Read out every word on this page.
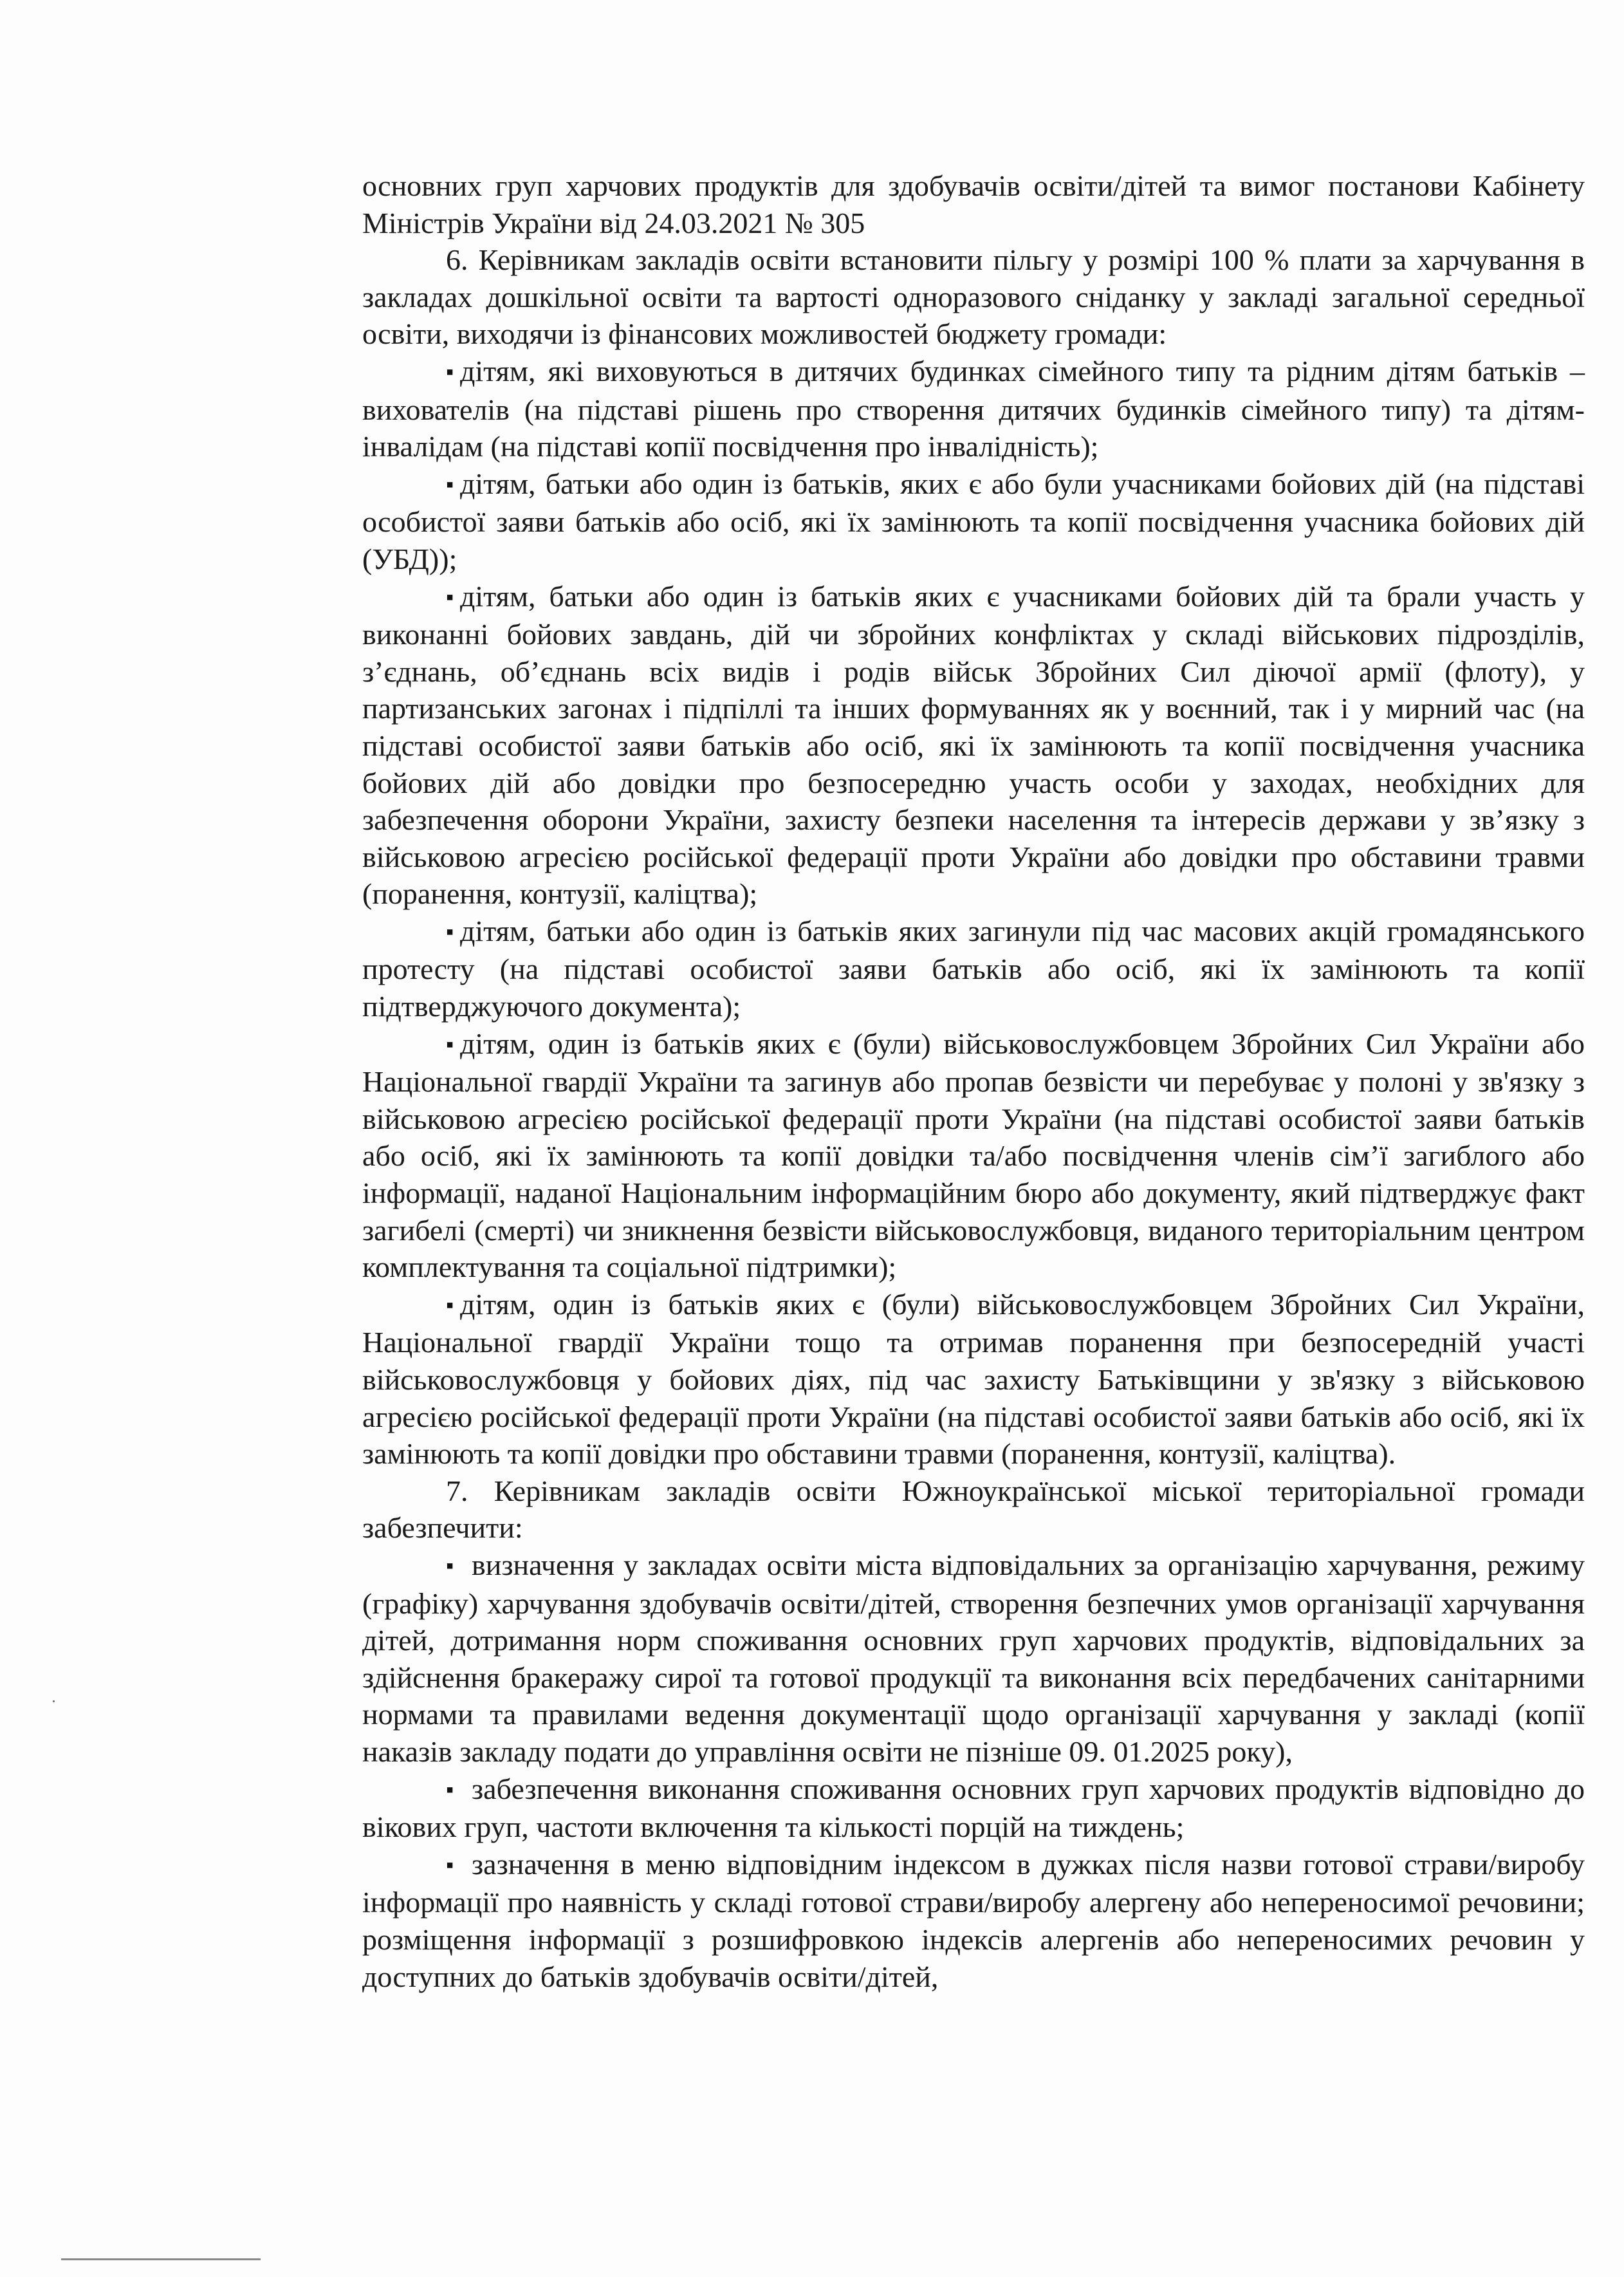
основних груп харчових продуктів для здобувачів освіти/дітей та вимог постанови Кабінету Міністрів України від 24.03.2021 № 305

6. Керівникам закладів освіти встановити пільгу у розмірі 100 % плати за харчування в закладах дошкільної освіти та вартості одноразового сніданку у закладі загальної середньої освіти, виходячи із фінансових можливостей бюджету громади:

▪ дітям, які виховуються в дитячих будинках сімейного типу та рідним дітям батьків – вихователів (на підставі рішень про створення дитячих будинків сімейного типу) та дітям-інвалідам (на підставі копії посвідчення про інвалідність);

▪ дітям, батьки або один із батьків, яких є або були учасниками бойових дій (на підставі особистої заяви батьків або осіб, які їх замінюють та копії посвідчення учасника бойових дій (УБД));

▪ дітям, батьки або один із батьків яких є учасниками бойових дій та брали участь у виконанні бойових завдань, дій чи збройних конфліктах у складі військових підрозділів, з’єднань, об’єднань всіх видів і родів військ Збройних Сил діючої армії (флоту), у партизанських загонах і підпіллі та інших формуваннях як у воєнний, так і у мирний час (на підставі особистої заяви батьків або осіб, які їх замінюють та копії посвідчення учасника бойових дій або довідки про безпосередню участь особи у заходах, необхідних для забезпечення оборони України, захисту безпеки населення та інтересів держави у зв’язку з військовою агресією російської федерації проти України або довідки про обставини травми (поранення, контузії, каліцтва);

▪ дітям, батьки або один із батьків яких загинули під час масових акцій громадянського протесту (на підставі особистої заяви батьків або осіб, які їх замінюють та копії підтверджуючого документа);

▪ дітям, один із батьків яких є (були) військовослужбовцем Збройних Сил України або Національної гвардії України та загинув або пропав безвісти чи перебуває у полоні у зв'язку з військовою агресією російської федерації проти України (на підставі особистої заяви батьків або осіб, які їх замінюють та копії довідки та/або посвідчення членів сім’ї загиблого або інформації, наданої Національним інформаційним бюро або документу, який підтверджує факт загибелі (смерті) чи зникнення безвісти військовослужбовця, виданого територіальним центром комплектування та соціальної підтримки);

▪ дітям, один із батьків яких є (були) військовослужбовцем Збройних Сил України, Національної гвардії України тощо та отримав поранення при безпосередній участі військовослужбовця у бойових діях, під час захисту Батьківщини у зв'язку з військовою агресією російської федерації проти України (на підставі особистої заяви батьків або осіб, які їх замінюють та копії довідки про обставини травми (поранення, контузії, каліцтва).

7. Керівникам закладів освіти Южноукраїнської міської територіальної громади забезпечити:

▪ визначення у закладах освіти міста відповідальних за організацію харчування, режиму (графіку) харчування здобувачів освіти/дітей, створення безпечних умов організації харчування дітей, дотримання норм споживання основних груп харчових продуктів, відповідальних за здійснення бракеражу сирої та готової продукції та виконання всіх передбачених санітарними нормами та правилами ведення документації щодо організації харчування у закладі (копії наказів закладу подати до управління освіти не пізніше 09. 01.2025 року),

▪ забезпечення виконання споживання основних груп харчових продуктів відповідно до вікових груп, частоти включення та кількості порцій на тиждень;

▪ зазначення в меню відповідним індексом в дужках після назви готової страви/виробу інформації про наявність у складі готової страви/виробу алергену або непереносимої речовини; розміщення інформації з розшифровкою індексів алергенів або непереносимих речовин у доступних до батьків здобувачів освіти/дітей,
